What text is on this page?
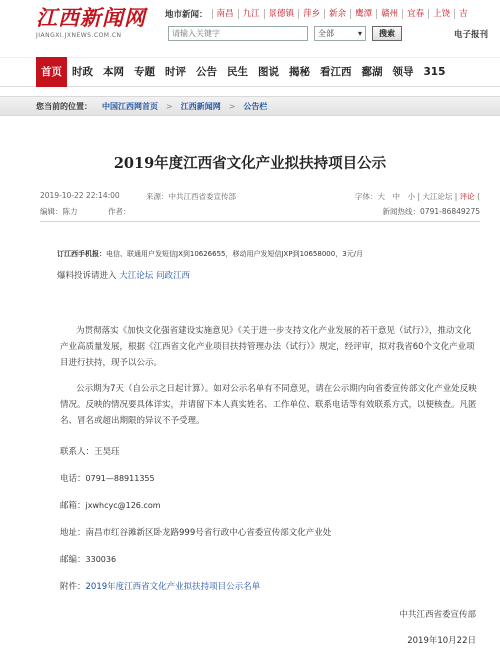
江西新闻网
JIANGXI.JXNEWS.COM.CN
地市新闻：	南昌	九江	景德镇	萍乡	新余	鹰潭	赣州	宜春	上饶	吉
请输入关键字
全部	▾	搜索	电子报刊
首页 时政 本网 专题 时评 公告 民生 图说 揭秘 看江西 鄱湖 领导 315
您当前的位置： 中国江西网首页 > 江西新闻网 > 公告栏
2019年度江西省文化产业拟扶持项目公示
2019-10-22 22:14:00	来源：中共江西省委宣传部	字体：大　中　小 | 大江论坛 | 评论 (
编辑：陈力	作者：	新闻热线：0791-86849275
订江西手机报：电信、联通用户发短信JX到10626655，移动用户发短信JXP到10658000，3元/月
爆料投诉请进入 大江论坛 问政江西

为贯彻落实《加快文化强省建设实施意见》《关于进一步支持文化产业发展的若干意见（试行）》，推动文化产业高质量发展，根据《江西省文化产业项目扶持管理办法（试行）》规定，经评审，拟对我省60个文化产业项目进行扶持，现予以公示。

公示期为7天（自公示之日起计算）。如对公示名单有不同意见，请在公示期内向省委宣传部文化产业处反映情况。反映的情况要具体详实，并请留下本人真实姓名、工作单位、联系电话等有效联系方式，以便核查。凡匿名、冒名或超出期限的异议不予受理。

联系人：王昊珏
电话：0791—88911355
邮箱：jxwhcyc@126.com
地址：南昌市红谷滩新区卧龙路999号省行政中心省委宣传部文化产业处
邮编：330036
附件：2019年度江西省文化产业拟扶持项目公示名单
中共江西省委宣传部
2019年10月22日
